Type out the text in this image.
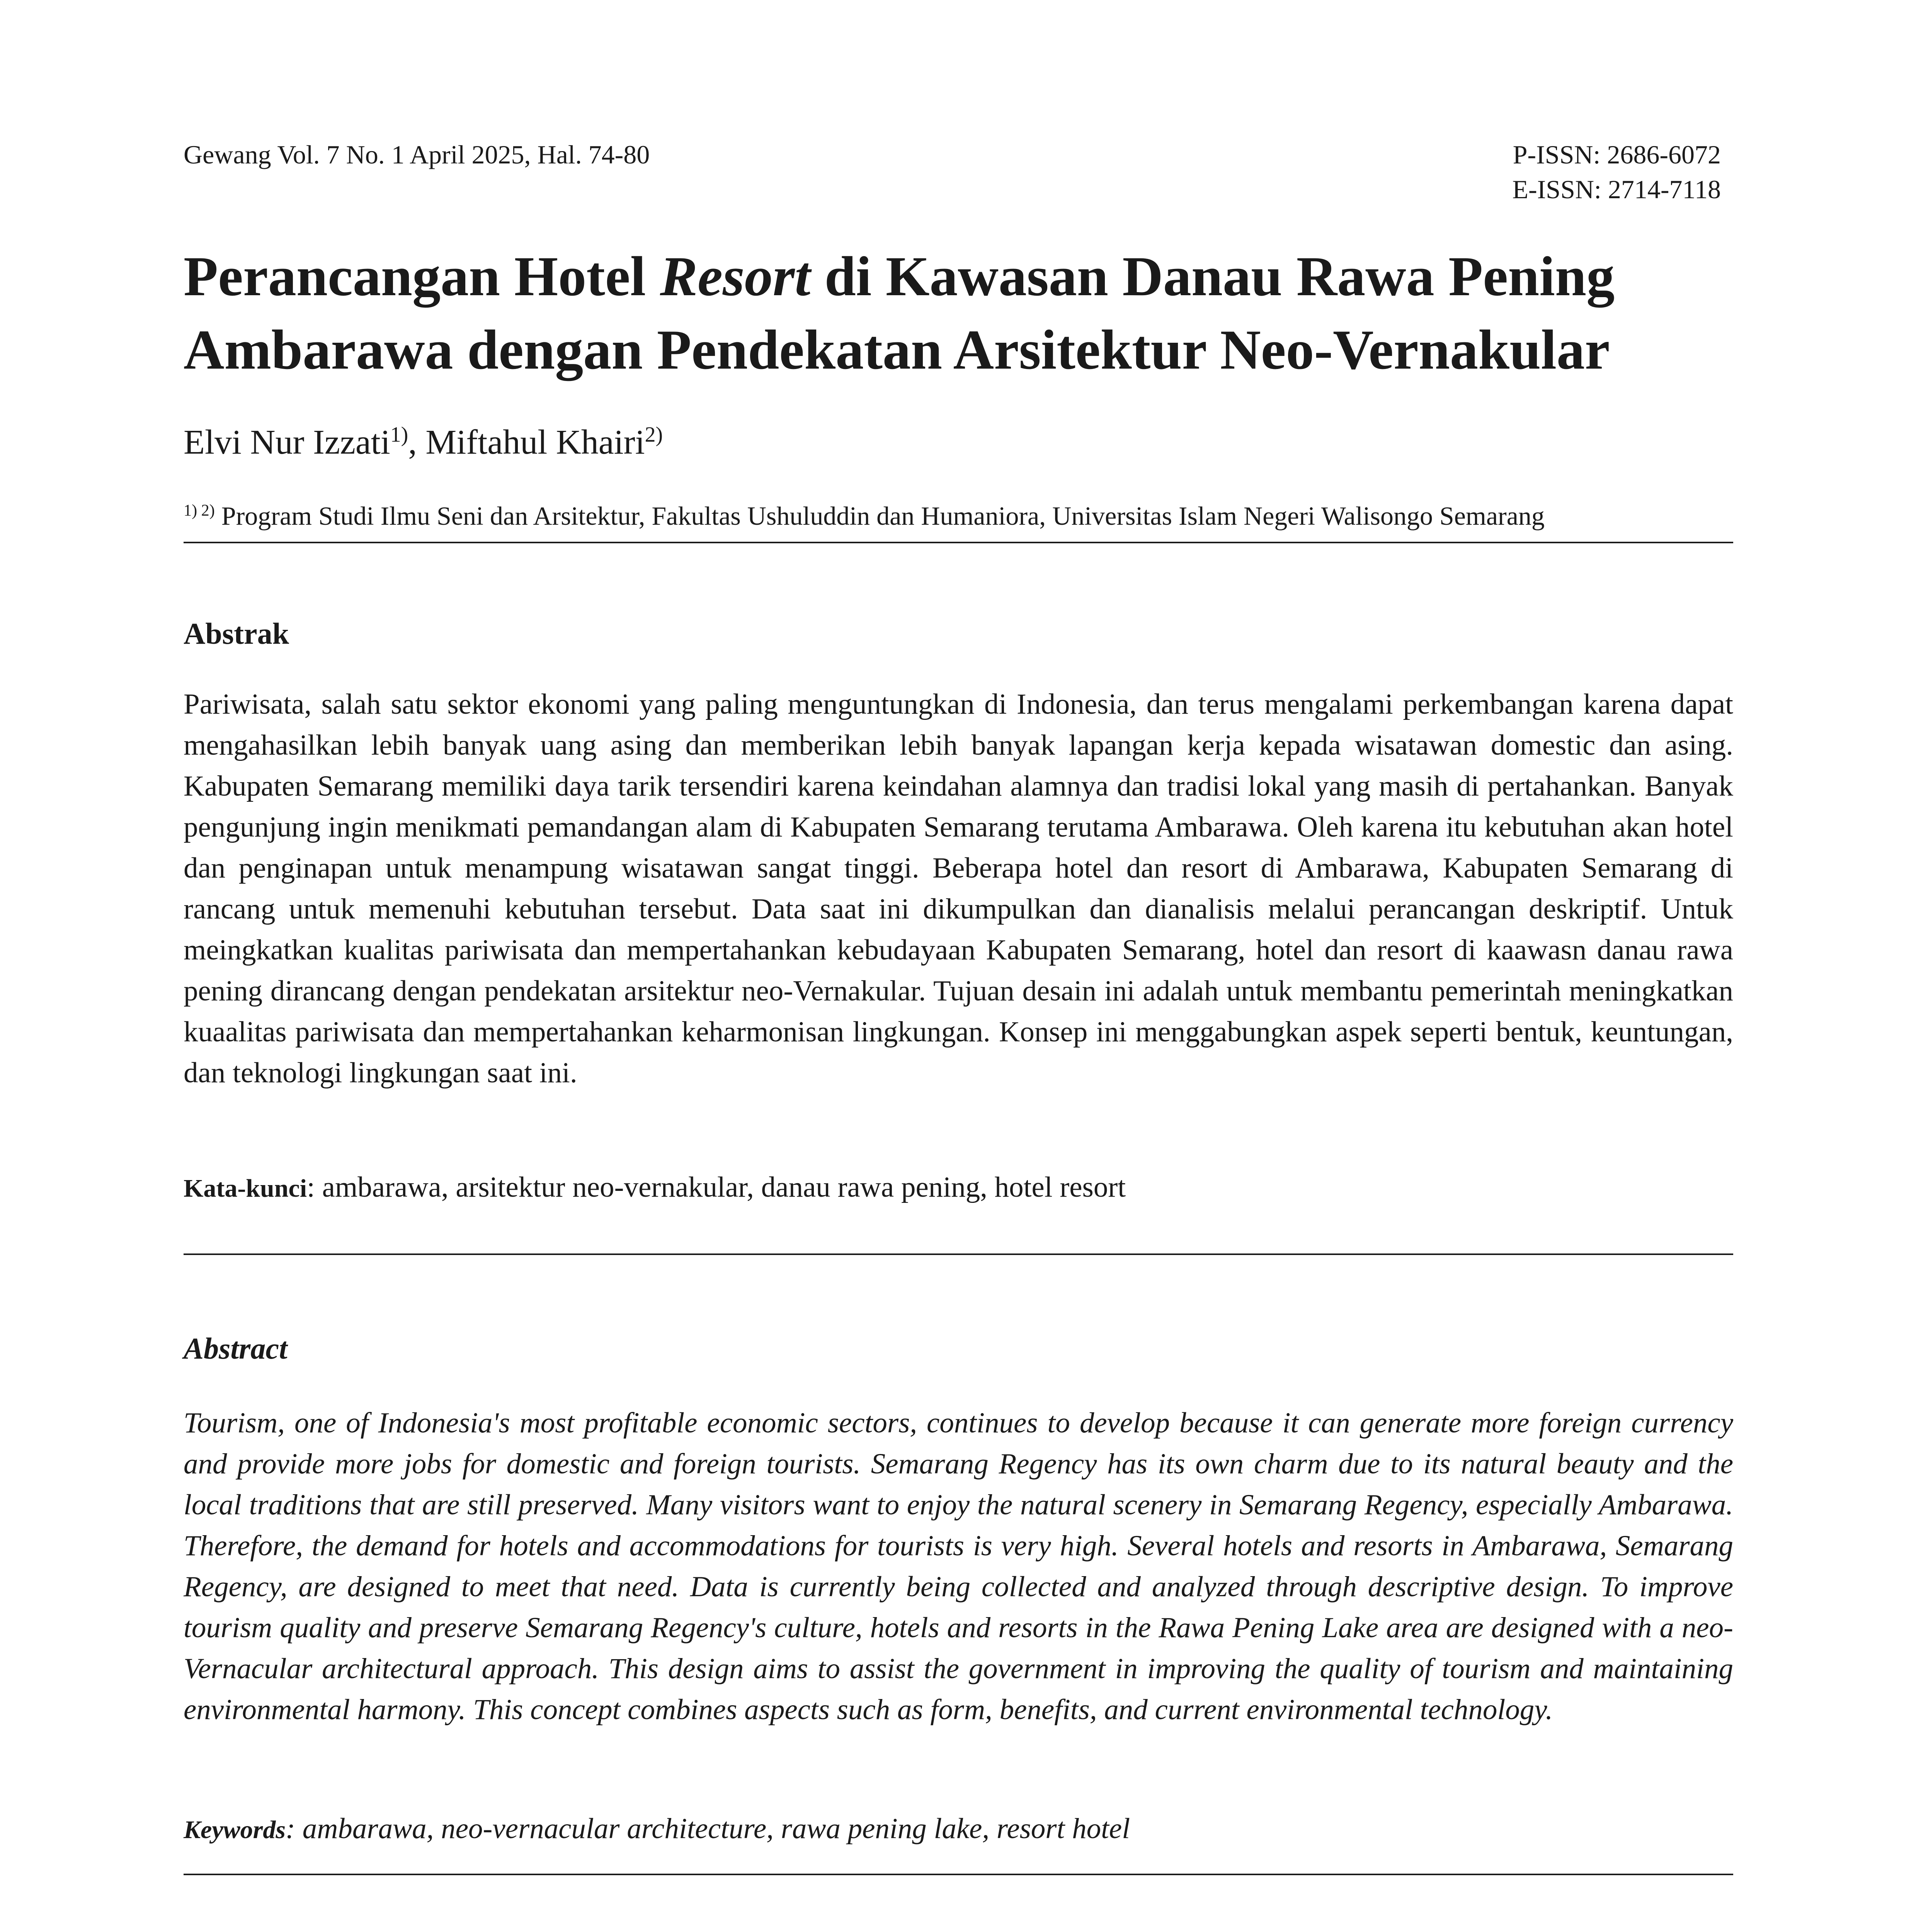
Gewang Vol. 7 No. 1 April 2025, Hal. 74-80	P-ISSN: 2686-6072
E-ISSN: 2714-7118
Perancangan Hotel Resort di Kawasan Danau Rawa Pening Ambarawa dengan Pendekatan Arsitektur Neo-Vernakular
Elvi Nur Izzati$^{1)}$, Miftahul Khairi$^{2)}$
$^{1) 2)}$ Program Studi Ilmu Seni dan Arsitektur, Fakultas Ushuluddin dan Humaniora, Universitas Islam Negeri Walisongo Semarang
Abstrak
Pariwisata, salah satu sektor ekonomi yang paling menguntungkan di Indonesia, dan terus mengalami perkembangan karena dapat mengahasilkan lebih banyak uang asing dan memberikan lebih banyak lapangan kerja kepada wisatawan domestic dan asing. Kabupaten Semarang memiliki daya tarik tersendiri karena keindahan alamnya dan tradisi lokal yang masih di pertahankan. Banyak pengunjung ingin menikmati pemandangan alam di Kabupaten Semarang terutama Ambarawa. Oleh karena itu kebutuhan akan hotel dan penginapan untuk menampung wisatawan sangat tinggi. Beberapa hotel dan resort di Ambarawa, Kabupaten Semarang di rancang untuk memenuhi kebutuhan tersebut. Data saat ini dikumpulkan dan dianalisis melalui perancangan deskriptif. Untuk meingkatkan kualitas pariwisata dan mempertahankan kebudayaan Kabupaten Semarang, hotel dan resort di kaawasn danau rawa pening dirancang dengan pendekatan arsitektur neo-Vernakular. Tujuan desain ini adalah untuk membantu pemerintah meningkatkan kuaalitas pariwisata dan mempertahankan keharmonisan lingkungan. Konsep ini menggabungkan aspek seperti bentuk, keuntungan, dan teknologi lingkungan saat ini.
Kata-kunci: ambarawa, arsitektur neo-vernakular, danau rawa pening, hotel resort
Abstract
Tourism, one of Indonesia's most profitable economic sectors, continues to develop because it can generate more foreign currency and provide more jobs for domestic and foreign tourists. Semarang Regency has its own charm due to its natural beauty and the local traditions that are still preserved. Many visitors want to enjoy the natural scenery in Semarang Regency, especially Ambarawa. Therefore, the demand for hotels and accommodations for tourists is very high. Several hotels and resorts in Ambarawa, Semarang Regency, are designed to meet that need. Data is currently being collected and analyzed through descriptive design. To improve tourism quality and preserve Semarang Regency's culture, hotels and resorts in the Rawa Pening Lake area are designed with a neo-Vernacular architectural approach. This design aims to assist the government in improving the quality of tourism and maintaining environmental harmony. This concept combines aspects such as form, benefits, and current environmental technology.
Keywords: ambarawa, neo-vernacular architecture, rawa pening lake, resort hotel
